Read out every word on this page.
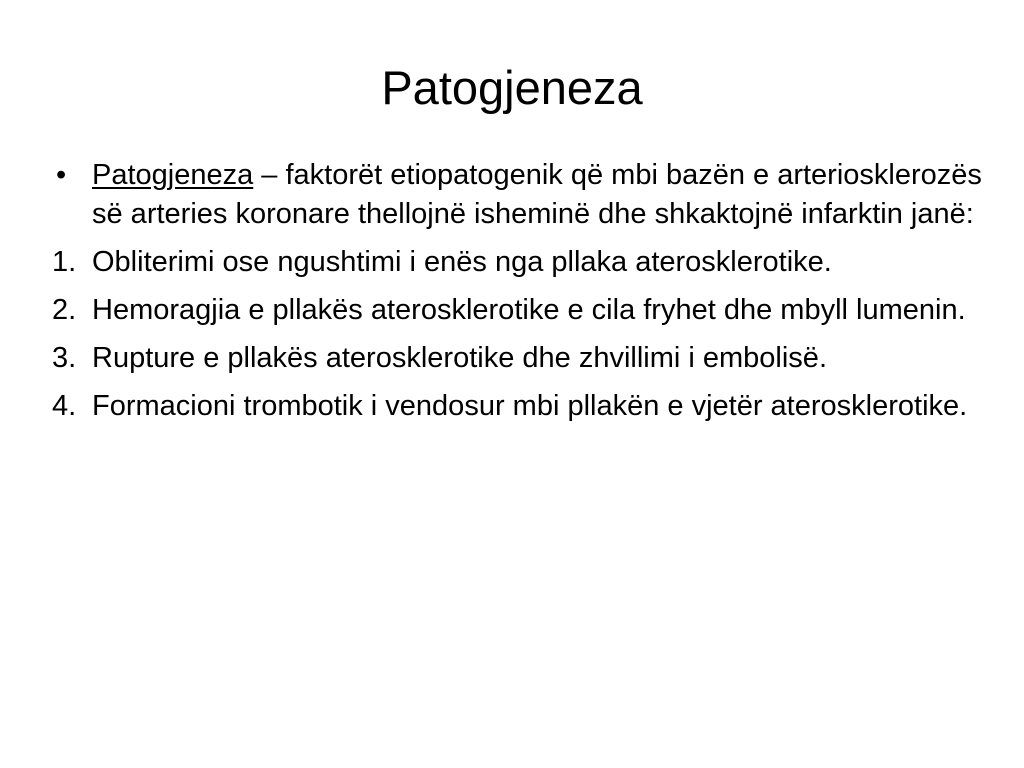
Patogjeneza
• Patogjeneza – faktorët etiopatogenik që mbi bazën e arteriosklerozës së arteries koronare thellojnë isheminë dhe shkaktojnë infarktin janë:
1. Obliterimi ose ngushtimi i enës nga pllaka aterosklerotike.
2. Hemoragjia e pllakës aterosklerotike e cila fryhet dhe mbyll lumenin.
3. Rupture e pllakës aterosklerotike dhe zhvillimi i embolisë.
4. Formacioni trombotik i vendosur mbi pllakën e vjetër aterosklerotike.
